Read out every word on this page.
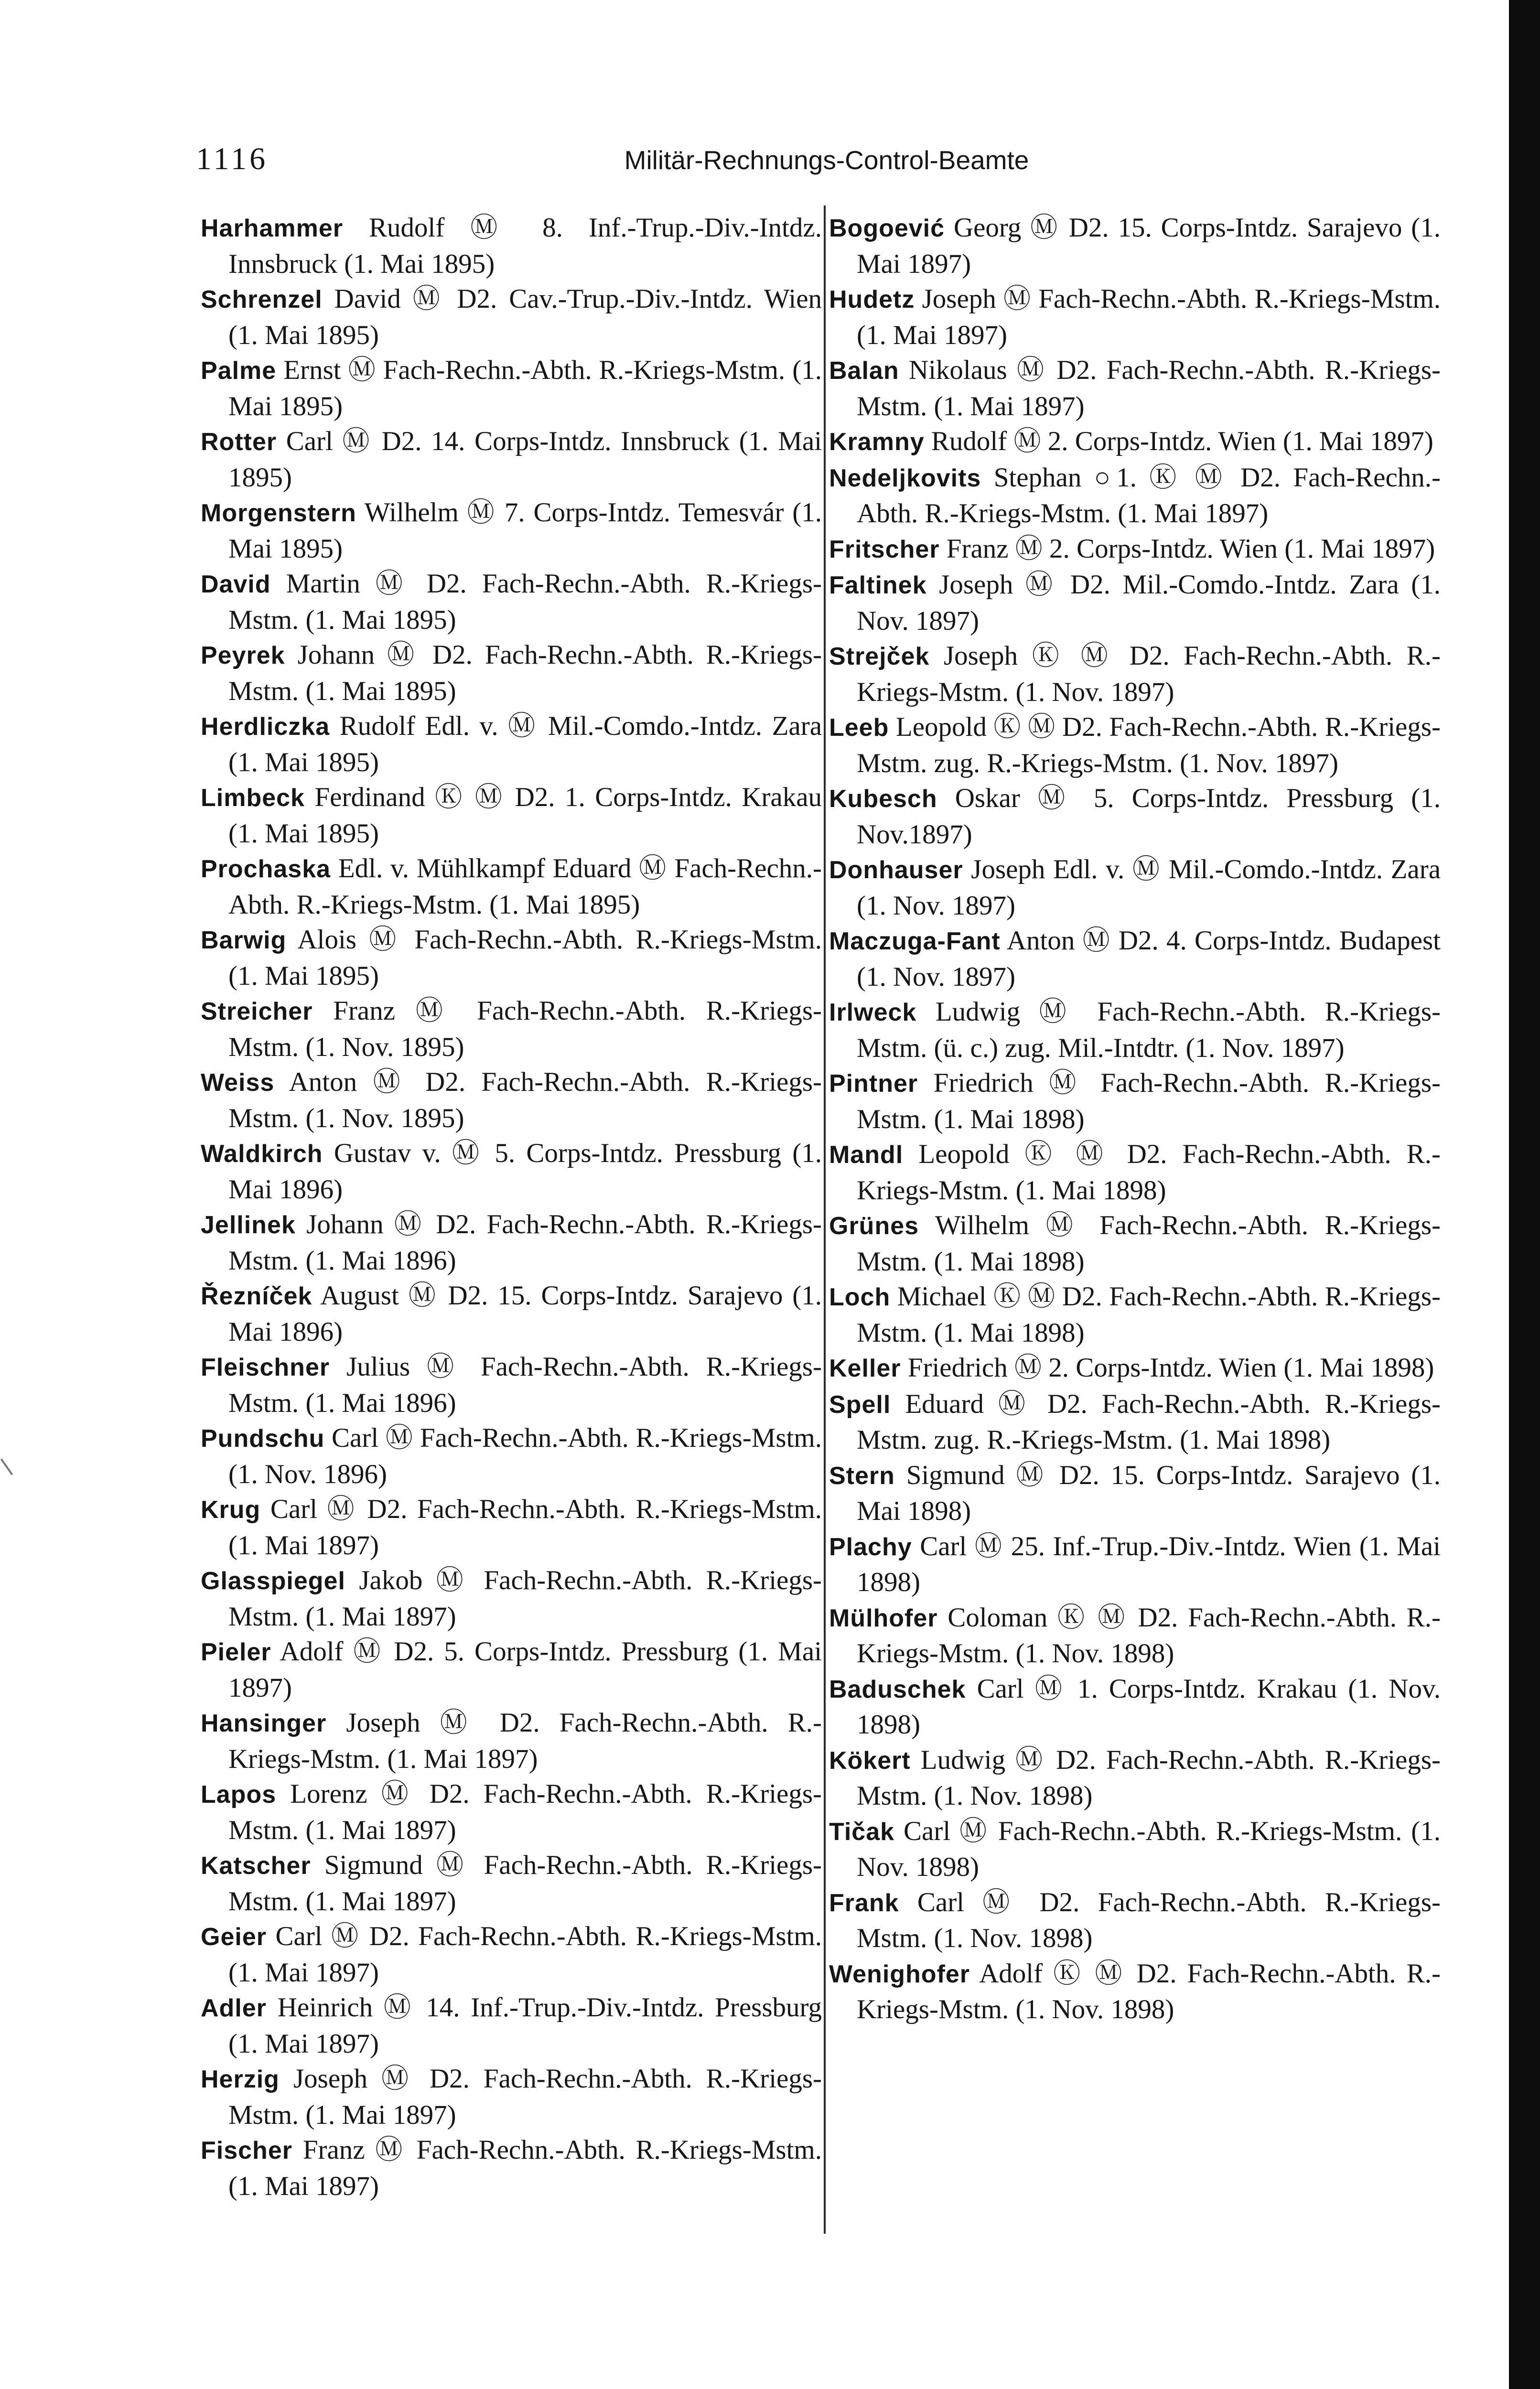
1116	Militär-Rechnungs-Control-Beamte
Harhammer Rudolf Ⓜ 8. Inf.-Trup.-Div.-Intdz. Innsbruck (1. Mai 1895)
Schrenzel David Ⓜ D2. Cav.-Trup.-Div.-Intdz. Wien (1. Mai 1895)
Palme Ernst Ⓜ Fach-Rechn.-Abth. R.-Kriegs-Mstm. (1. Mai 1895)
Rotter Carl Ⓜ D2. 14. Corps-Intdz. Innsbruck (1. Mai 1895)
Morgenstern Wilhelm Ⓜ 7. Corps-Intdz. Temesvár (1. Mai 1895)
David Martin Ⓜ D2. Fach-Rechn.-Abth. R.-Kriegs-Mstm. (1. Mai 1895)
Peyrek Johann Ⓜ D2. Fach-Rechn.-Abth. R.-Kriegs-Mstm. (1. Mai 1895)
Herdliczka Rudolf Edl. v. Ⓜ Mil.-Comdo.-Intdz. Zara (1. Mai 1895)
Limbeck Ferdinand Ⓚ Ⓜ D2. 1. Corps-Intdz. Krakau (1. Mai 1895)
Prochaska Edl. v. Mühlkampf Eduard Ⓜ Fach-Rechn.-Abth. R.-Kriegs-Mstm. (1. Mai 1895)
Barwig Alois Ⓜ Fach-Rechn.-Abth. R.-Kriegs-Mstm. (1. Mai 1895)
Streicher Franz Ⓜ Fach-Rechn.-Abth. R.-Kriegs-Mstm. (1. Nov. 1895)
Weiss Anton Ⓜ D2. Fach-Rechn.-Abth. R.-Kriegs-Mstm. (1. Nov. 1895)
Waldkirch Gustav v. Ⓜ 5. Corps-Intdz. Pressburg (1. Mai 1896)
Jellinek Johann Ⓜ D2. Fach-Rechn.-Abth. R.-Kriegs-Mstm. (1. Mai 1896)
Řezníček August Ⓜ D2. 15. Corps-Intdz. Sarajevo (1. Mai 1896)
Fleischner Julius Ⓜ Fach-Rechn.-Abth. R.-Kriegs-Mstm. (1. Mai 1896)
Pundschu Carl Ⓜ Fach-Rechn.-Abth. R.-Kriegs-Mstm. (1. Nov. 1896)
Krug Carl Ⓜ D2. Fach-Rechn.-Abth. R.-Kriegs-Mstm. (1. Mai 1897)
Glasspiegel Jakob Ⓜ Fach-Rechn.-Abth. R.-Kriegs-Mstm. (1. Mai 1897)
Pieler Adolf Ⓜ D2. 5. Corps-Intdz. Pressburg (1. Mai 1897)
Hansinger Joseph Ⓜ D2. Fach-Rechn.-Abth. R.-Kriegs-Mstm. (1. Mai 1897)
Lapos Lorenz Ⓜ D2. Fach-Rechn.-Abth. R.-Kriegs-Mstm. (1. Mai 1897)
Katscher Sigmund Ⓜ Fach-Rechn.-Abth. R.-Kriegs-Mstm. (1. Mai 1897)
Geier Carl Ⓜ D2. Fach-Rechn.-Abth. R.-Kriegs-Mstm. (1. Mai 1897)
Adler Heinrich Ⓜ 14. Inf.-Trup.-Div.-Intdz. Pressburg (1. Mai 1897)
Herzig Joseph Ⓜ D2. Fach-Rechn.-Abth. R.-Kriegs-Mstm. (1. Mai 1897)
Fischer Franz Ⓜ Fach-Rechn.-Abth. R.-Kriegs-Mstm. (1. Mai 1897)
Bogoević Georg Ⓜ D2. 15. Corps-Intdz. Sarajevo (1. Mai 1897)
Hudetz Joseph Ⓜ Fach-Rechn.-Abth. R.-Kriegs-Mstm. (1. Mai 1897)
Balan Nikolaus Ⓜ D2. Fach-Rechn.-Abth. R.-Kriegs-Mstm. (1. Mai 1897)
Kramny Rudolf Ⓜ 2. Corps-Intdz. Wien (1. Mai 1897)
Nedeljkovits Stephan ○1. Ⓚ Ⓜ D2. Fach-Rechn.-Abth. R.-Kriegs-Mstm. (1. Mai 1897)
Fritscher Franz Ⓜ 2. Corps-Intdz. Wien (1. Mai 1897)
Faltinek Joseph Ⓜ D2. Mil.-Comdo.-Intdz. Zara (1. Nov. 1897)
Strejček Joseph Ⓚ Ⓜ D2. Fach-Rechn.-Abth. R.-Kriegs-Mstm. (1. Nov. 1897)
Leeb Leopold Ⓚ Ⓜ D2. Fach-Rechn.-Abth. R.-Kriegs-Mstm. zug. R.-Kriegs-Mstm. (1. Nov. 1897)
Kubesch Oskar Ⓜ 5. Corps-Intdz. Pressburg (1. Nov.1897)
Donhauser Joseph Edl. v. Ⓜ Mil.-Comdo.-Intdz. Zara (1. Nov. 1897)
Maczuga-Fant Anton Ⓜ D2. 4. Corps-Intdz. Budapest (1. Nov. 1897)
Irlweck Ludwig Ⓜ Fach-Rechn.-Abth. R.-Kriegs-Mstm. (ü. c.) zug. Mil.-Intdtr. (1. Nov. 1897)
Pintner Friedrich Ⓜ Fach-Rechn.-Abth. R.-Kriegs-Mstm. (1. Mai 1898)
Mandl Leopold Ⓚ Ⓜ D2. Fach-Rechn.-Abth. R.-Kriegs-Mstm. (1. Mai 1898)
Grünes Wilhelm Ⓜ Fach-Rechn.-Abth. R.-Kriegs-Mstm. (1. Mai 1898)
Loch Michael Ⓚ Ⓜ D2. Fach-Rechn.-Abth. R.-Kriegs-Mstm. (1. Mai 1898)
Keller Friedrich Ⓜ 2. Corps-Intdz. Wien (1. Mai 1898)
Spell Eduard Ⓜ D2. Fach-Rechn.-Abth. R.-Kriegs-Mstm. zug. R.-Kriegs-Mstm. (1. Mai 1898)
Stern Sigmund Ⓜ D2. 15. Corps-Intdz. Sarajevo (1. Mai 1898)
Plachy Carl Ⓜ 25. Inf.-Trup.-Div.-Intdz. Wien (1. Mai 1898)
Mülhofer Coloman Ⓚ Ⓜ D2. Fach-Rechn.-Abth. R.-Kriegs-Mstm. (1. Nov. 1898)
Baduschek Carl Ⓜ 1. Corps-Intdz. Krakau (1. Nov. 1898)
Kökert Ludwig Ⓜ D2. Fach-Rechn.-Abth. R.-Kriegs-Mstm. (1. Nov. 1898)
Tičak Carl Ⓜ Fach-Rechn.-Abth. R.-Kriegs-Mstm. (1. Nov. 1898)
Frank Carl Ⓜ D2. Fach-Rechn.-Abth. R.-Kriegs-Mstm. (1. Nov. 1898)
Wenighofer Adolf Ⓚ Ⓜ D2. Fach-Rechn.-Abth. R.-Kriegs-Mstm. (1. Nov. 1898)
